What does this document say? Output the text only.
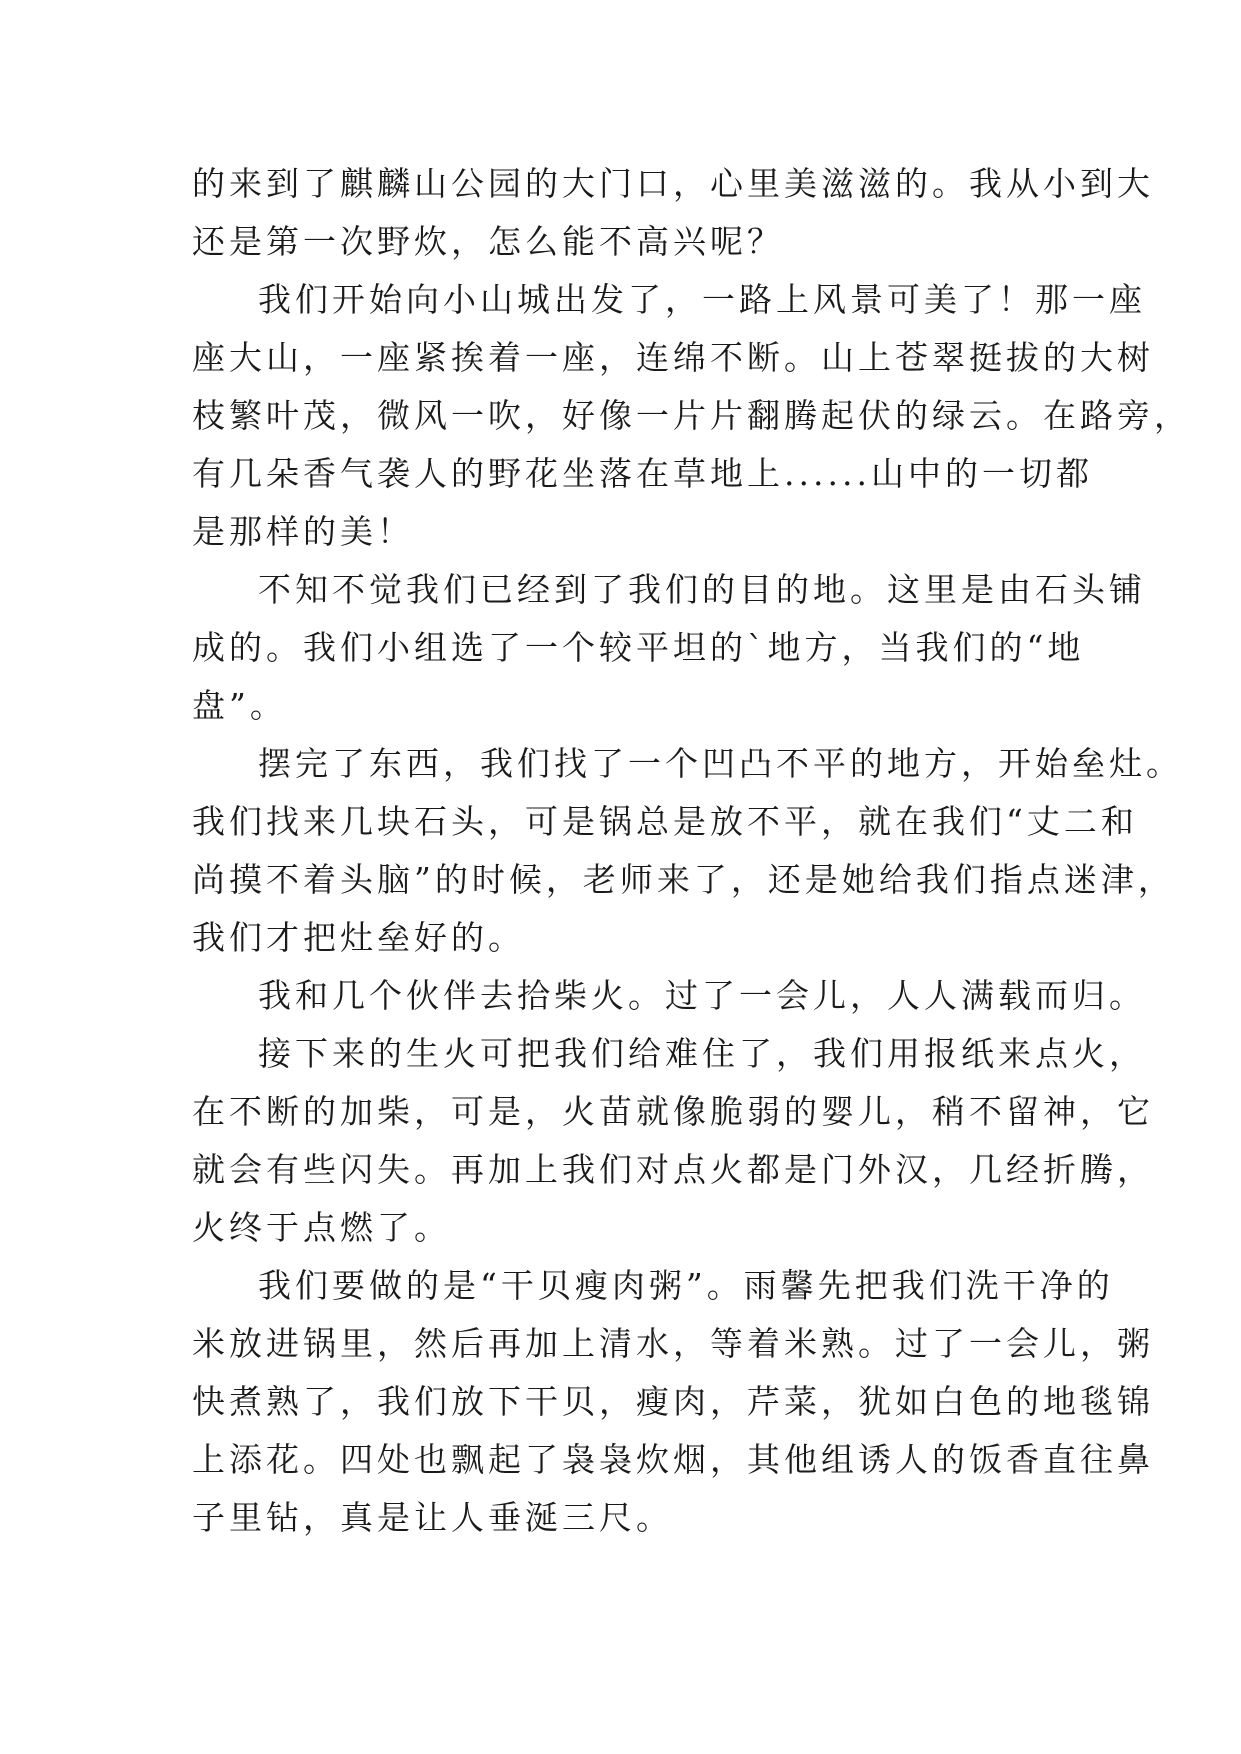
的来到了麒麟山公园的大门口，心里美滋滋的。我从小到大
还是第一次野炊，怎么能不高兴呢？
我们开始向小山城出发了，一路上风景可美了！那一座
座大山，一座紧挨着一座，连绵不断。山上苍翠挺拔的大树
枝繁叶茂，微风一吹，好像一片片翻腾起伏的绿云。在路旁，
有几朵香气袭人的野花坐落在草地上......山中的一切都
是那样的美！
不知不觉我们已经到了我们的目的地。这里是由石头铺
成的。我们小组选了一个较平坦的`地方，当我们的“地
盘”。
摆完了东西，我们找了一个凹凸不平的地方，开始垒灶。
我们找来几块石头，可是锅总是放不平，就在我们“丈二和
尚摸不着头脑”的时候，老师来了，还是她给我们指点迷津，
我们才把灶垒好的。
我和几个伙伴去拾柴火。过了一会儿，人人满载而归。
接下来的生火可把我们给难住了，我们用报纸来点火，
在不断的加柴，可是，火苗就像脆弱的婴儿，稍不留神，它
就会有些闪失。再加上我们对点火都是门外汉，几经折腾，
火终于点燃了。
我们要做的是“干贝瘦肉粥”。雨馨先把我们洗干净的
米放进锅里，然后再加上清水，等着米熟。过了一会儿，粥
快煮熟了，我们放下干贝，瘦肉，芹菜，犹如白色的地毯锦
上添花。四处也飘起了袅袅炊烟，其他组诱人的饭香直往鼻
子里钻，真是让人垂涎三尺。
